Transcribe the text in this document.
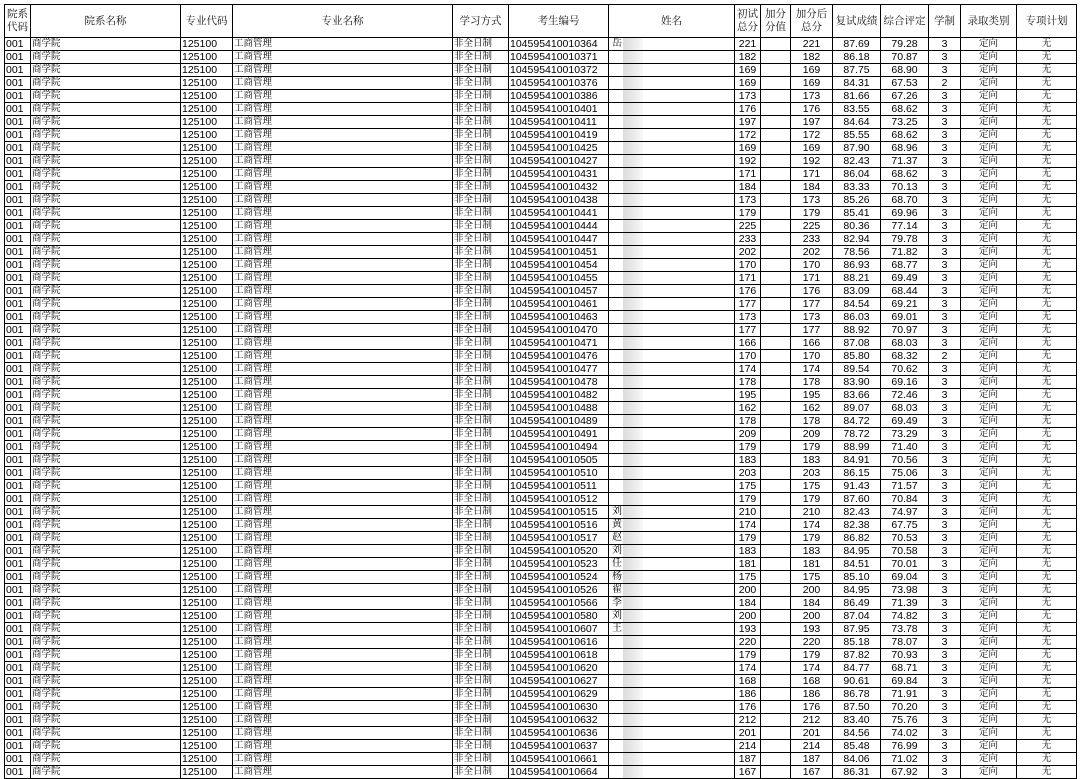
院系代码	院系名称	专业代码	专业名称	学习方式	考生编号	姓名	初试总分	加分分值	加分后总分	复试成绩	综合评定	学制	录取类别	专项计划
001	商学院	125100	工商管理	非全日制	104595410010364	岳	221		221	87.69	79.28	3	定向	无
001	商学院	125100	工商管理	非全日制	104595410010371		182		182	86.18	70.87	3	定向	无
001	商学院	125100	工商管理	非全日制	104595410010372		169		169	87.75	68.90	3	定向	无
001	商学院	125100	工商管理	非全日制	104595410010376		169		169	84.31	67.53	2	定向	无
001	商学院	125100	工商管理	非全日制	104595410010386		173		173	81.66	67.26	3	定向	无
001	商学院	125100	工商管理	非全日制	104595410010401		176		176	83.55	68.62	3	定向	无
001	商学院	125100	工商管理	非全日制	104595410010411		197		197	84.64	73.25	3	定向	无
001	商学院	125100	工商管理	非全日制	104595410010419		172		172	85.55	68.62	3	定向	无
001	商学院	125100	工商管理	非全日制	104595410010425		169		169	87.90	68.96	3	定向	无
001	商学院	125100	工商管理	非全日制	104595410010427		192		192	82.43	71.37	3	定向	无
001	商学院	125100	工商管理	非全日制	104595410010431		171		171	86.04	68.62	3	定向	无
001	商学院	125100	工商管理	非全日制	104595410010432		184		184	83.33	70.13	3	定向	无
001	商学院	125100	工商管理	非全日制	104595410010438		173		173	85.26	68.70	3	定向	无
001	商学院	125100	工商管理	非全日制	104595410010441		179		179	85.41	69.96	3	定向	无
001	商学院	125100	工商管理	非全日制	104595410010444		225		225	80.36	77.14	3	定向	无
001	商学院	125100	工商管理	非全日制	104595410010447		233		233	82.94	79.78	3	定向	无
001	商学院	125100	工商管理	非全日制	104595410010451		202		202	78.56	71.82	3	定向	无
001	商学院	125100	工商管理	非全日制	104595410010454		170		170	86.93	68.77	3	定向	无
001	商学院	125100	工商管理	非全日制	104595410010455		171		171	88.21	69.49	3	定向	无
001	商学院	125100	工商管理	非全日制	104595410010457		176		176	83.09	68.44	3	定向	无
001	商学院	125100	工商管理	非全日制	104595410010461		177		177	84.54	69.21	3	定向	无
001	商学院	125100	工商管理	非全日制	104595410010463		173		173	86.03	69.01	3	定向	无
001	商学院	125100	工商管理	非全日制	104595410010470		177		177	88.92	70.97	3	定向	无
001	商学院	125100	工商管理	非全日制	104595410010471		166		166	87.08	68.03	3	定向	无
001	商学院	125100	工商管理	非全日制	104595410010476		170		170	85.80	68.32	2	定向	无
001	商学院	125100	工商管理	非全日制	104595410010477		174		174	89.54	70.62	3	定向	无
001	商学院	125100	工商管理	非全日制	104595410010478		178		178	83.90	69.16	3	定向	无
001	商学院	125100	工商管理	非全日制	104595410010482		195		195	83.66	72.46	3	定向	无
001	商学院	125100	工商管理	非全日制	104595410010488		162		162	89.07	68.03	3	定向	无
001	商学院	125100	工商管理	非全日制	104595410010489		178		178	84.72	69.49	3	定向	无
001	商学院	125100	工商管理	非全日制	104595410010491		209		209	78.72	73.29	3	定向	无
001	商学院	125100	工商管理	非全日制	104595410010494		179		179	88.99	71.40	3	定向	无
001	商学院	125100	工商管理	非全日制	104595410010505		183		183	84.91	70.56	3	定向	无
001	商学院	125100	工商管理	非全日制	104595410010510		203		203	86.15	75.06	3	定向	无
001	商学院	125100	工商管理	非全日制	104595410010511		175		175	91.43	71.57	3	定向	无
001	商学院	125100	工商管理	非全日制	104595410010512		179		179	87.60	70.84	3	定向	无
001	商学院	125100	工商管理	非全日制	104595410010515	刘	210		210	82.43	74.97	3	定向	无
001	商学院	125100	工商管理	非全日制	104595410010516	黄	174		174	82.38	67.75	3	定向	无
001	商学院	125100	工商管理	非全日制	104595410010517	赵	179		179	86.82	70.53	3	定向	无
001	商学院	125100	工商管理	非全日制	104595410010520	刘	183		183	84.95	70.58	3	定向	无
001	商学院	125100	工商管理	非全日制	104595410010523	任	181		181	84.51	70.01	3	定向	无
001	商学院	125100	工商管理	非全日制	104595410010524	杨	175		175	85.10	69.04	3	定向	无
001	商学院	125100	工商管理	非全日制	104595410010526	翟	200		200	84.95	73.98	3	定向	无
001	商学院	125100	工商管理	非全日制	104595410010566	李	184		184	86.49	71.39	3	定向	无
001	商学院	125100	工商管理	非全日制	104595410010580	刘	200		200	87.04	74.82	3	定向	无
001	商学院	125100	工商管理	非全日制	104595410010607	王	193		193	87.95	73.78	3	定向	无
001	商学院	125100	工商管理	非全日制	104595410010616		220		220	85.18	78.07	3	定向	无
001	商学院	125100	工商管理	非全日制	104595410010618		179		179	87.82	70.93	3	定向	无
001	商学院	125100	工商管理	非全日制	104595410010620		174		174	84.77	68.71	3	定向	无
001	商学院	125100	工商管理	非全日制	104595410010627		168		168	90.61	69.84	3	定向	无
001	商学院	125100	工商管理	非全日制	104595410010629		186		186	86.78	71.91	3	定向	无
001	商学院	125100	工商管理	非全日制	104595410010630		176		176	87.50	70.20	3	定向	无
001	商学院	125100	工商管理	非全日制	104595410010632		212		212	83.40	75.76	3	定向	无
001	商学院	125100	工商管理	非全日制	104595410010636		201		201	84.56	74.02	3	定向	无
001	商学院	125100	工商管理	非全日制	104595410010637		214		214	85.48	76.99	3	定向	无
001	商学院	125100	工商管理	非全日制	104595410010661		187		187	84.06	71.02	3	定向	无
001	商学院	125100	工商管理	非全日制	104595410010664		167		167	86.31	67.92	3	定向	无
